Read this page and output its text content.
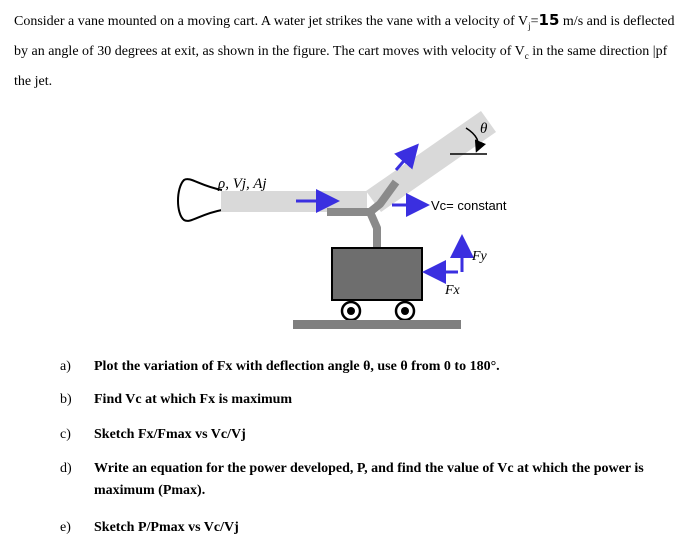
Consider a vane mounted on a moving cart. A water jet strikes the vane with a velocity of $V_j=15$ m/s and is deflected by an angle of 30 degrees at exit, as shown in the figure. The cart moves with velocity of $V_c$ in the same direction |pf the jet.

θ
ρ, Vj, Aj
Vc= constant
Fy
Fx
a) Plot the variation of Fx with deflection angle θ, use θ from 0 to 180°.
b) Find Vc at which Fx is maximum
c) Sketch Fx/Fmax vs Vc/Vj
d) Write an equation for the power developed, P, and find the value of Vc at which the power is maximum (Pmax).
e) Sketch P/Pmax vs Vc/Vj
